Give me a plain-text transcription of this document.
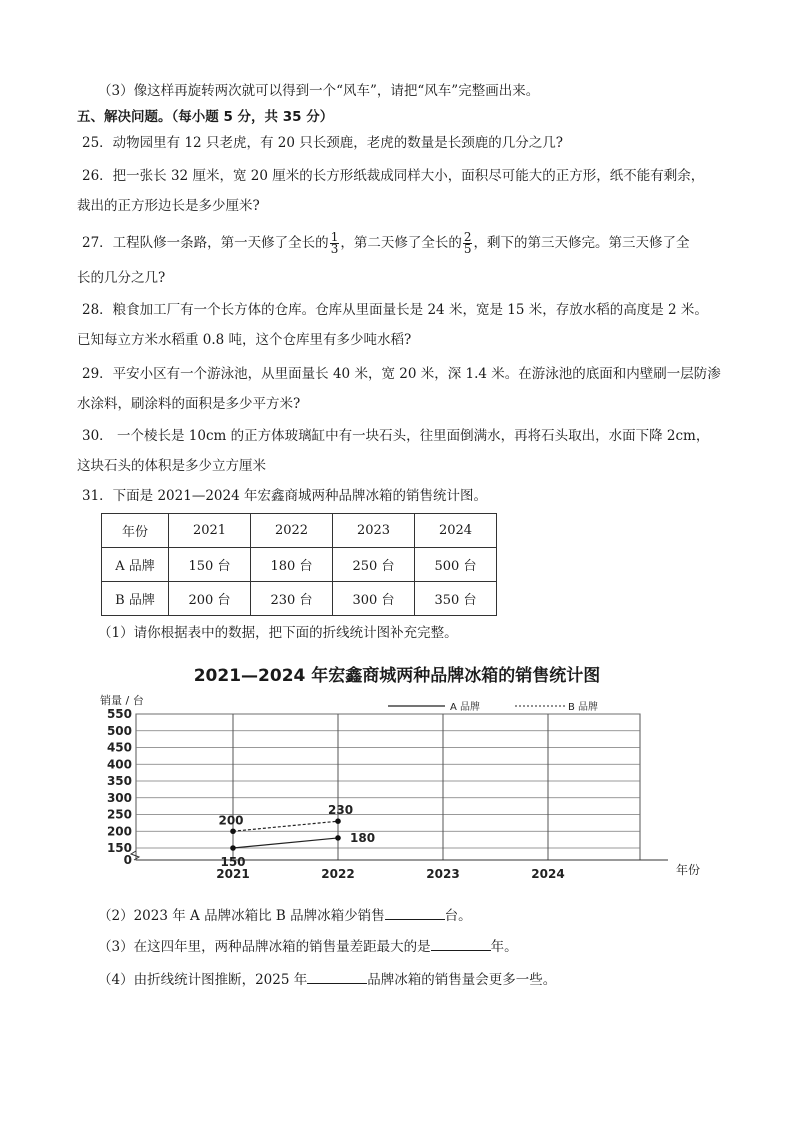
（3）像这样再旋转两次就可以得到一个“风车”，请把“风车”完整画出来。
五、解决问题。（每小题 5 分，共 35 分）
25．动物园里有 12 只老虎，有 20 只长颈鹿，老虎的数量是长颈鹿的几分之几?
26．把一张长 32 厘米，宽 20 厘米的长方形纸裁成同样大小，面积尽可能大的正方形，纸不能有剩余，
裁出的正方形边长是多少厘米?
27．工程队修一条路，第一天修了全长的 $\frac{1}{3}$ ，第二天修了全长的 $\frac{2}{5}$ ，剩下的第三天修完。第三天修了全
长的几分之几?
28．粮食加工厂有一个长方体的仓库。仓库从里面量长是 24 米，宽是 15 米，存放水稻的高度是 2 米。
已知每立方米水稻重 0.8 吨，这个仓库里有多少吨水稻?
29．平安小区有一个游泳池，从里面量长 40 米，宽 20 米，深 1.4 米。在游泳池的底面和内壁刷一层防渗
水涂料，刷涂料的面积是多少平方米?
30． 一个棱长是 10cm 的正方体玻璃缸中有一块石头，往里面倒满水，再将石头取出，水面下降 2cm，
这块石头的体积是多少立方厘米
31．下面是 2021—2024 年宏鑫商城两种品牌冰箱的销售统计图。
年份	2021	2022	2023	2024
A 品牌	150 台	180 台	250 台	500 台
B 品牌	200 台	230 台	300 台	350 台
（1）请你根据表中的数据，把下面的折线统计图补充完整。
2021—2024 年宏鑫商城两种品牌冰箱的销售统计图
0
150
200
250
300
350
400
450
500
550
2021	2022	2023	2024	年份
销量 / 台
A 品牌	B 品牌
150
180
200
230
（2）2023 年 A 品牌冰箱比 B 品牌冰箱少销售	台。
（3）在这四年里，两种品牌冰箱的销售量差距最大的是	年。
（4）由折线统计图推断，2025 年	品牌冰箱的销售量会更多一些。
